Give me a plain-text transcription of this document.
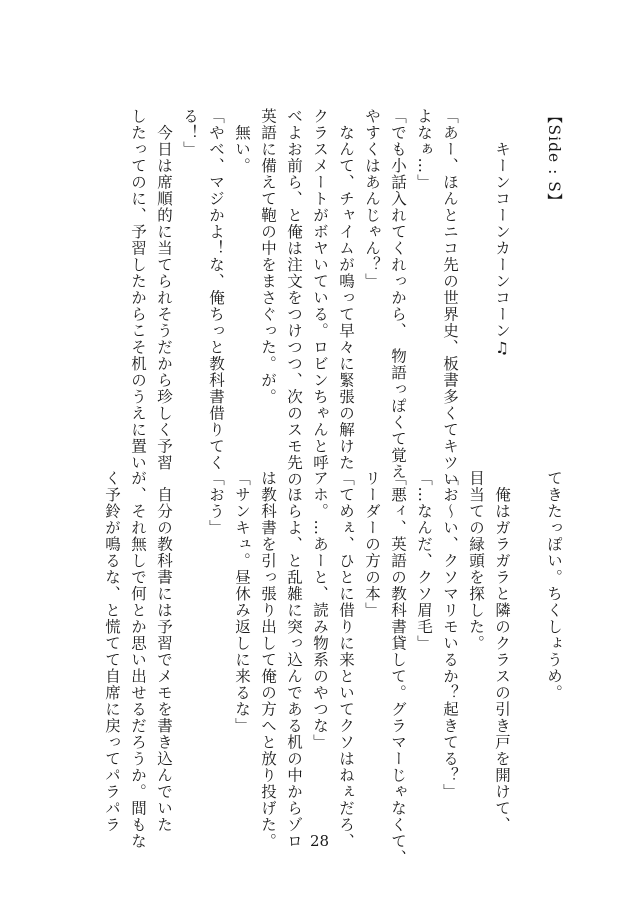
【Side : S】

　　キーンコーンカーンコーン♫

「あー、ほんとニコ先の世界史、板書多くてキツい
よなぁ…」
「でも小話入れてくれっから、　物語っぽくて覚え
やすくはあんじゃん？」
　なんて、チャイムが鳴って早々に緊張の解けた
クラスメートがボヤいている。ロビンちゃんと呼
べよお前ら、と俺は注文をつけつつ、次のスモ先の
英語に備えて鞄の中をまさぐった。が。
　無い。
「やべ、マジかよ！な、俺ちっと教科書借りてく
る！」
　今日は席順的に当てられそうだから珍しく予習
したってのに、予習したからこそ机のうえに置い
てきたっぽい。ちくしょうめ。

　俺はガラガラと隣のクラスの引き戸を開けて、
目当ての緑頭を探した。
「お～い、クソマリモいるか？起きてる？」
「…なんだ、クソ眉毛」
「悪ィ、英語の教科書貸して。グラマーじゃなくて、
リーダーの方の本」
「てめぇ、ひとに借りに来といてクソはねぇだろ、
アホ。…あーと、読み物系のやつな」
　ほらよ、と乱雑に突っ込んである机の中からゾロ
は教科書を引っ張り出して俺の方へと放り投げた。
「サンキュ。昼休み返しに来るな」
「おう」

　自分の教科書には予習でメモを書き込んでいた
が、それ無しで何とか思い出せるだろうか。間もな
く予鈴が鳴るな、と慌てて自席に戻ってパラパラ
28
